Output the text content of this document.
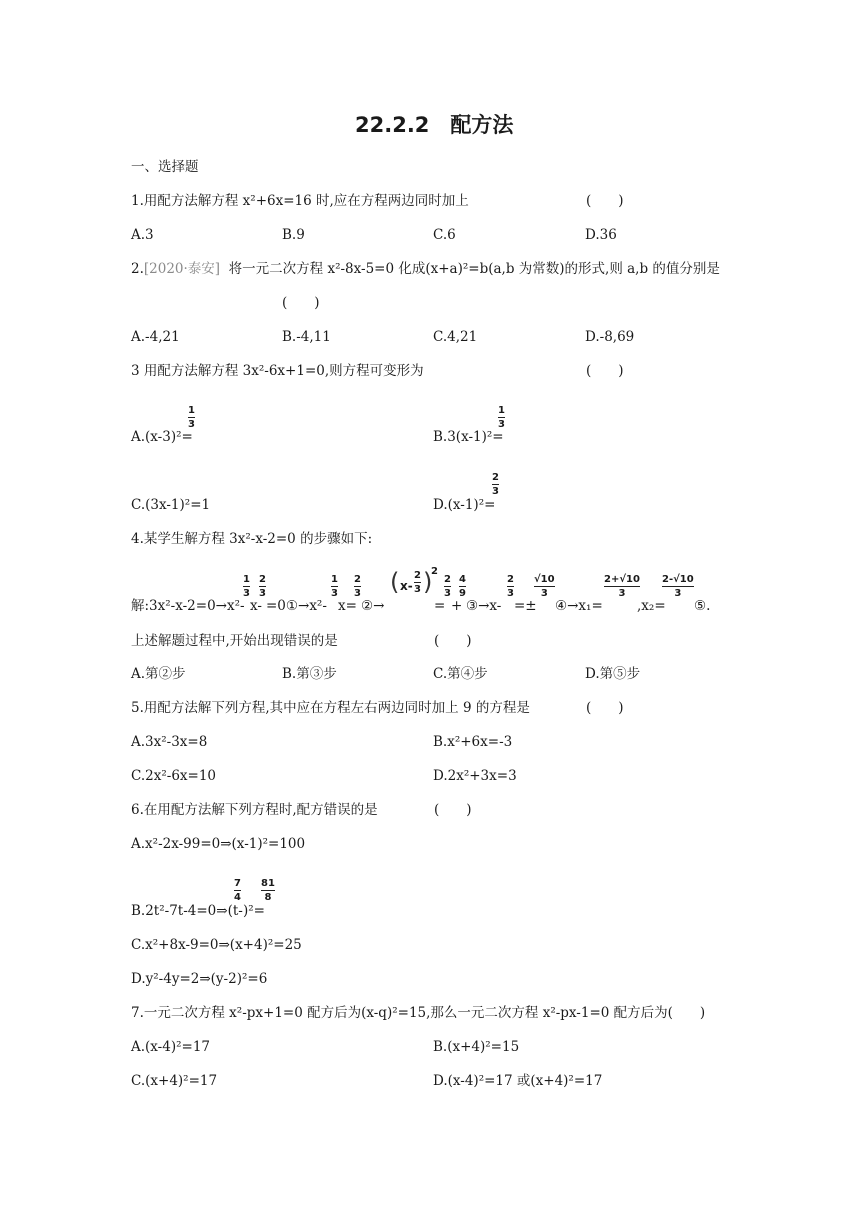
22.2.2　配方法
一、选择题
1.用配方法解方程 x²+6x=16 时,应在方程两边同时加上	(　　)
A.3	B.9	C.6	D.36
2.[2020·泰安] 将一元二次方程 x²-8x-5=0 化成(x+a)²=b(a,b 为常数)的形式,则 a,b 的值分别是
(　　)
A.-4,21	B.-4,11	C.4,21	D.-8,69
3 用配方法解方程 3x²-6x+1=0,则方程可变形为	(　　)
A.(x-3)²=
1
3
B.3(x-1)²=
1
3
C.(3x-1)²=1	D.(x-1)²=
2
3
4.某学生解方程 3x²-x-2=0 的步骤如下:
解:3x²-x-2=0→x²-
1
3
x-
2
3
=0①→x²-
1
3
x=
2
3
②→
( x-
2
3 )
2
=
2
3
+
4
9
③→x-
2
3
=±
√10
3
④→x₁=
2+√10
3
,x₂=
2-√10
3
⑤.
上述解题过程中,开始出现错误的是	(　　)
A.第②步	B.第③步	C.第④步	D.第⑤步
5.用配方法解下列方程,其中应在方程左右两边同时加上 9 的方程是	(　　)
A.3x²-3x=8	B.x²+6x=-3
C.2x²-6x=10	D.2x²+3x=3
6.在用配方法解下列方程时,配方错误的是	(　　)
A.x²-2x-99=0⇒(x-1)²=100
B.2t²-7t-4=0⇒(t-
7
4
)²=
81
8
C.x²+8x-9=0⇒(x+4)²=25
D.y²-4y=2⇒(y-2)²=6
7.一元二次方程 x²-px+1=0 配方后为(x-q)²=15,那么一元二次方程 x²-px-1=0 配方后为(　　)
A.(x-4)²=17	B.(x+4)²=15
C.(x+4)²=17	D.(x-4)²=17 或(x+4)²=17
